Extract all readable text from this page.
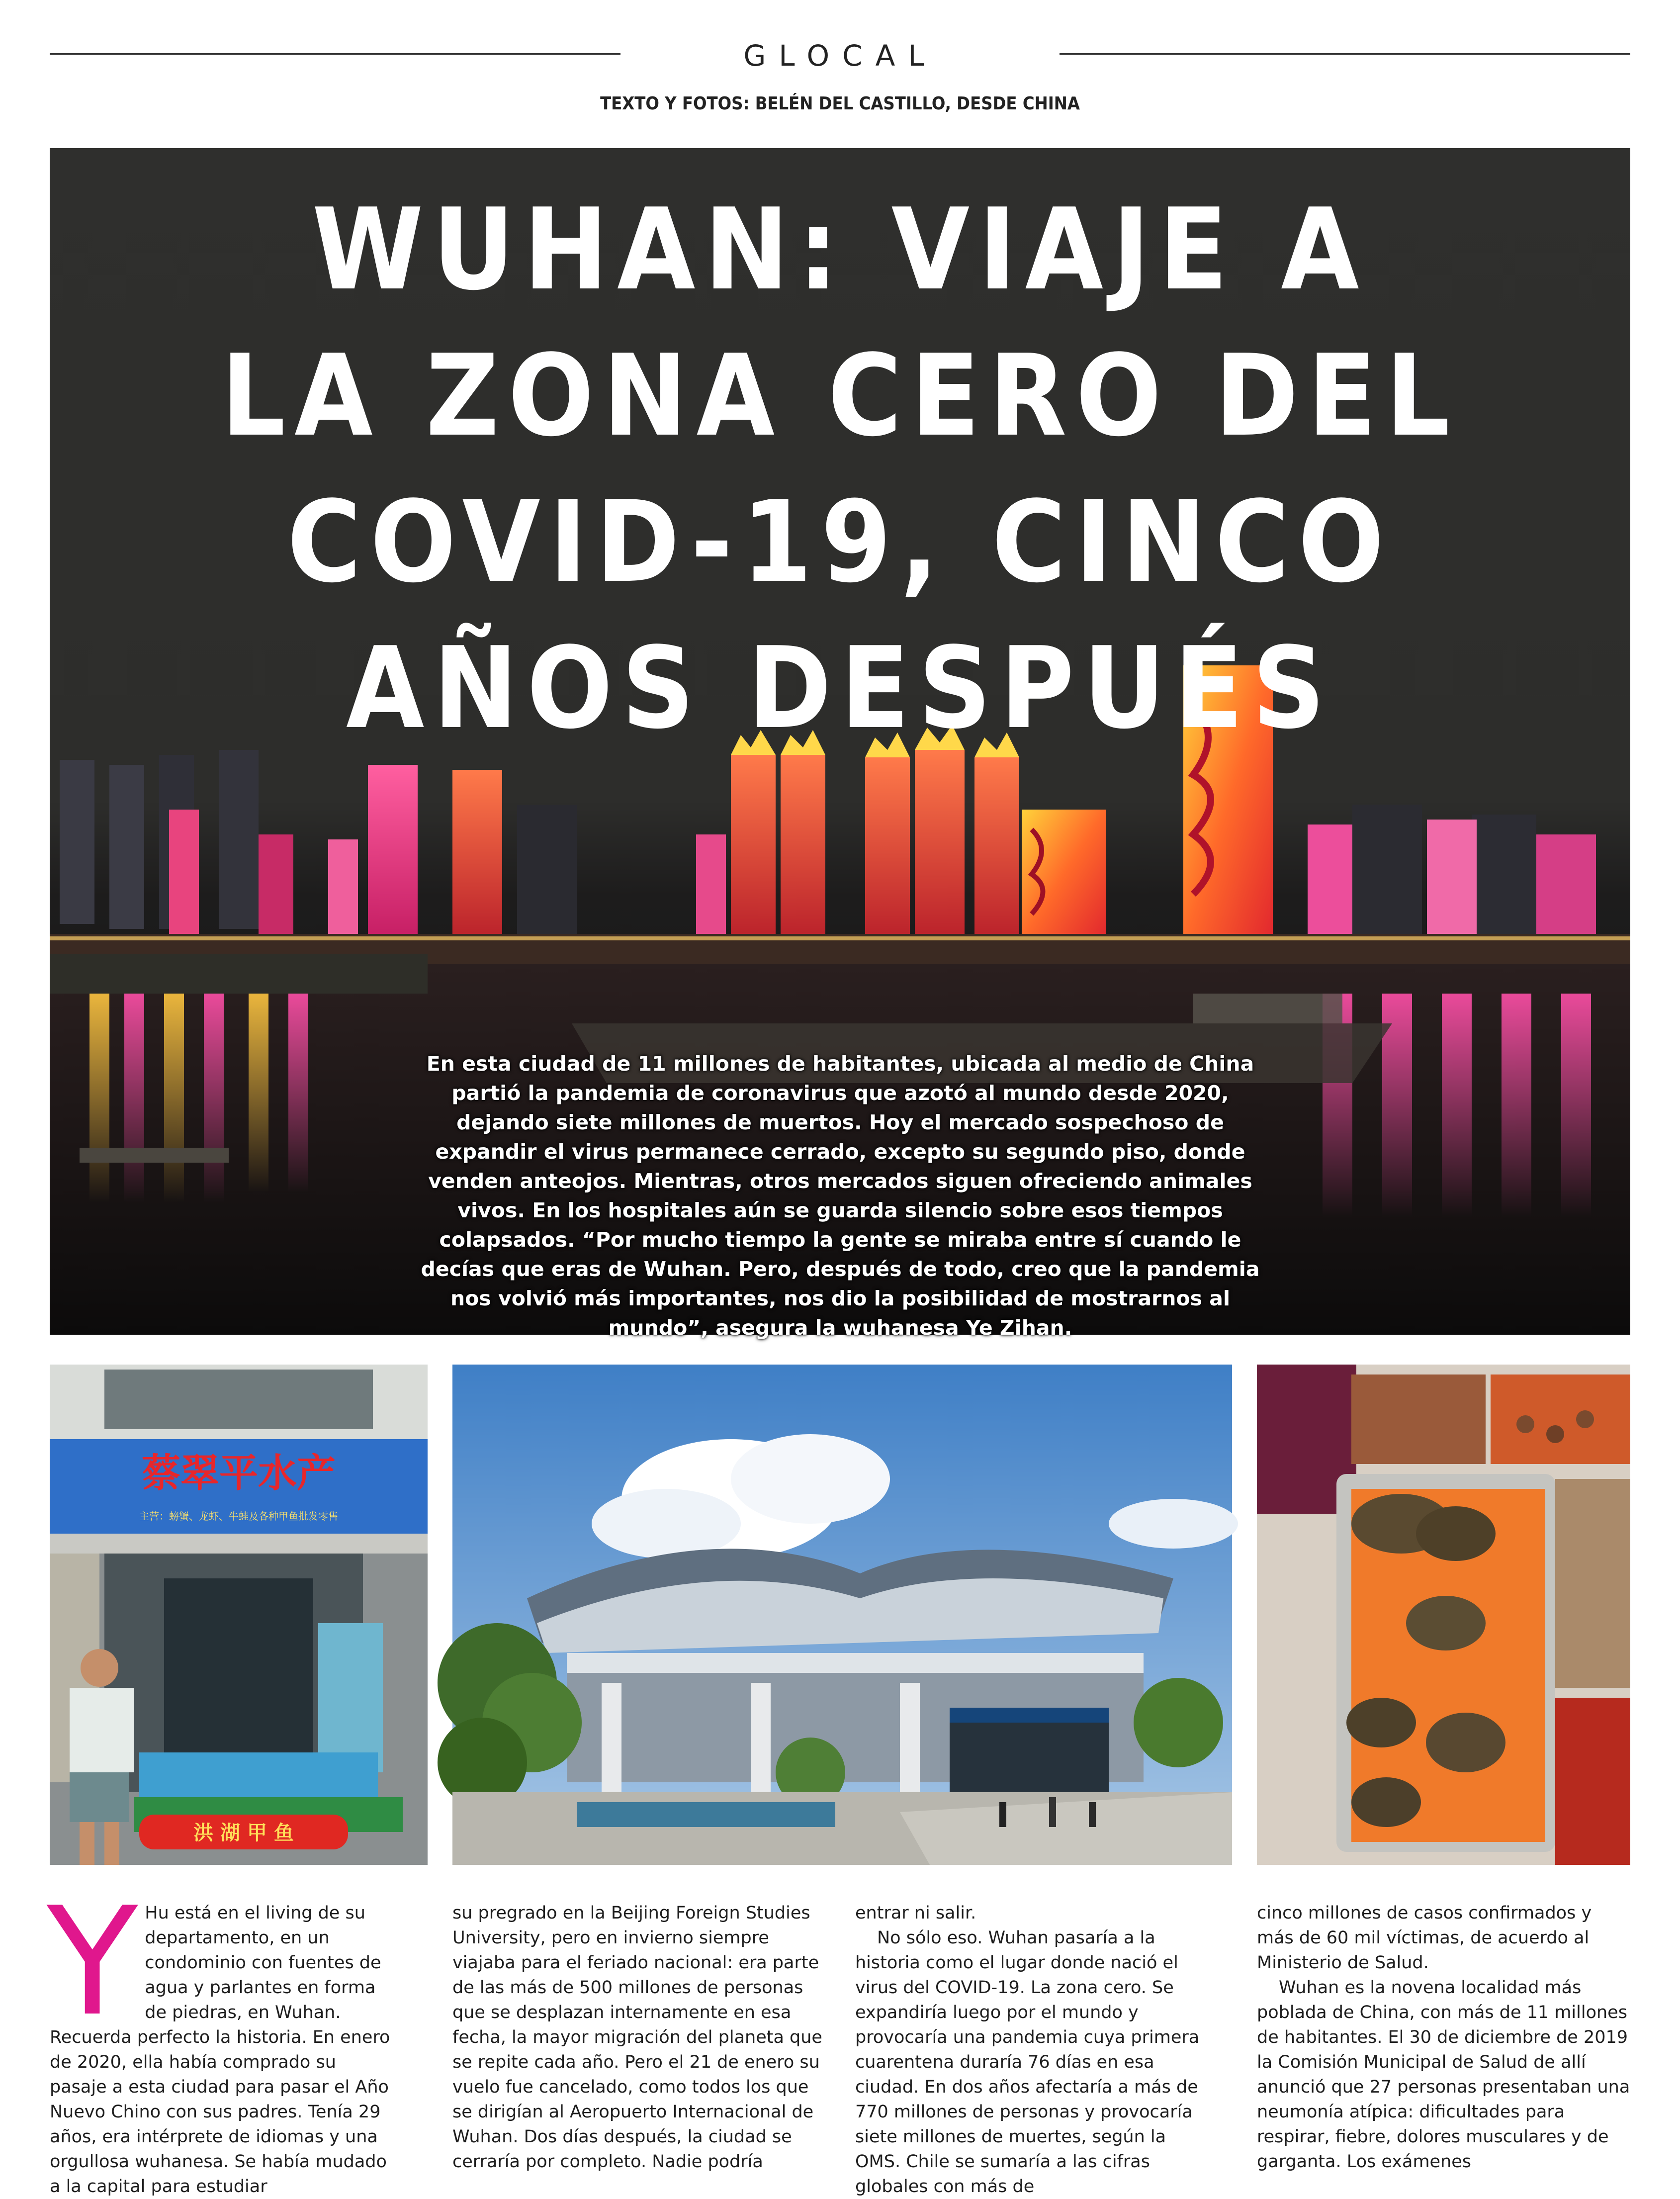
GLOCAL
TEXTO Y FOTOS: BELÉN DEL CASTILLO, DESDE CHINA
WUHAN: VIAJE A
LA ZONA CERO DEL
COVID-19, CINCO
AÑOS DESPUÉS

En esta ciudad de 11 millones de habitantes, ubicada al medio de China partió la pandemia de coronavirus que azotó al mundo desde 2020, dejando siete millones de muertos. Hoy el mercado sospechoso de expandir el virus permanece cerrado, excepto su segundo piso, donde venden anteojos. Mientras, otros mercados siguen ofreciendo animales vivos. En los hospitales aún se guarda silencio sobre esos tiempos colapsados. “Por mucho tiempo la gente se miraba entre sí cuando le decías que eras de Wuhan. Pero, después de todo, creo que la pandemia nos volvió más importantes, nos dio la posibilidad de mostrarnos al mundo”, asegura la wuhanesa Ye Zihan.

蔡翠平水产
主营：螃蟹、龙虾、牛蛙及各种甲鱼批发零售
洪 湖 甲 鱼
Y Hu está en el living de su departamento, en un condominio con fuentes de agua y parlantes en forma de piedras, en Wuhan. Recuerda perfecto la historia. En enero de 2020, ella había comprado su pasaje a esta ciudad para pasar el Año Nuevo Chino con sus padres. Tenía 29 años, era intérprete de idiomas y una orgullosa wuhanesa. Se había mudado a la capital para estudiar

su pregrado en la Beijing Foreign Studies University, pero en invierno siempre viajaba para el feriado nacional: era parte de las más de 500 millones de personas que se desplazan internamente en esa fecha, la mayor migración del planeta que se repite cada año. Pero el 21 de enero su vuelo fue cancelado, como todos los que se dirigían al Aeropuerto Internacional de Wuhan. Dos días después, la ciudad se cerraría por completo. Nadie podría

entrar ni salir.

No sólo eso. Wuhan pasaría a la historia como el lugar donde nació el virus del COVID-19. La zona cero. Se expandiría luego por el mundo y provocaría una pandemia cuya primera cuarentena duraría 76 días en esa ciudad. En dos años afectaría a más de 770 millones de personas y provocaría siete millones de muertes, según la OMS. Chile se sumaría a las cifras globales con más de

cinco millones de casos confirmados y más de 60 mil víctimas, de acuerdo al Ministerio de Salud.

Wuhan es la novena localidad más poblada de China, con más de 11 millones de habitantes. El 30 de diciembre de 2019 la Comisión Municipal de Salud de allí anunció que 27 personas presentaban una neumonía atípica: dificultades para respirar, fiebre, dolores musculares y de garganta. Los exámenes
